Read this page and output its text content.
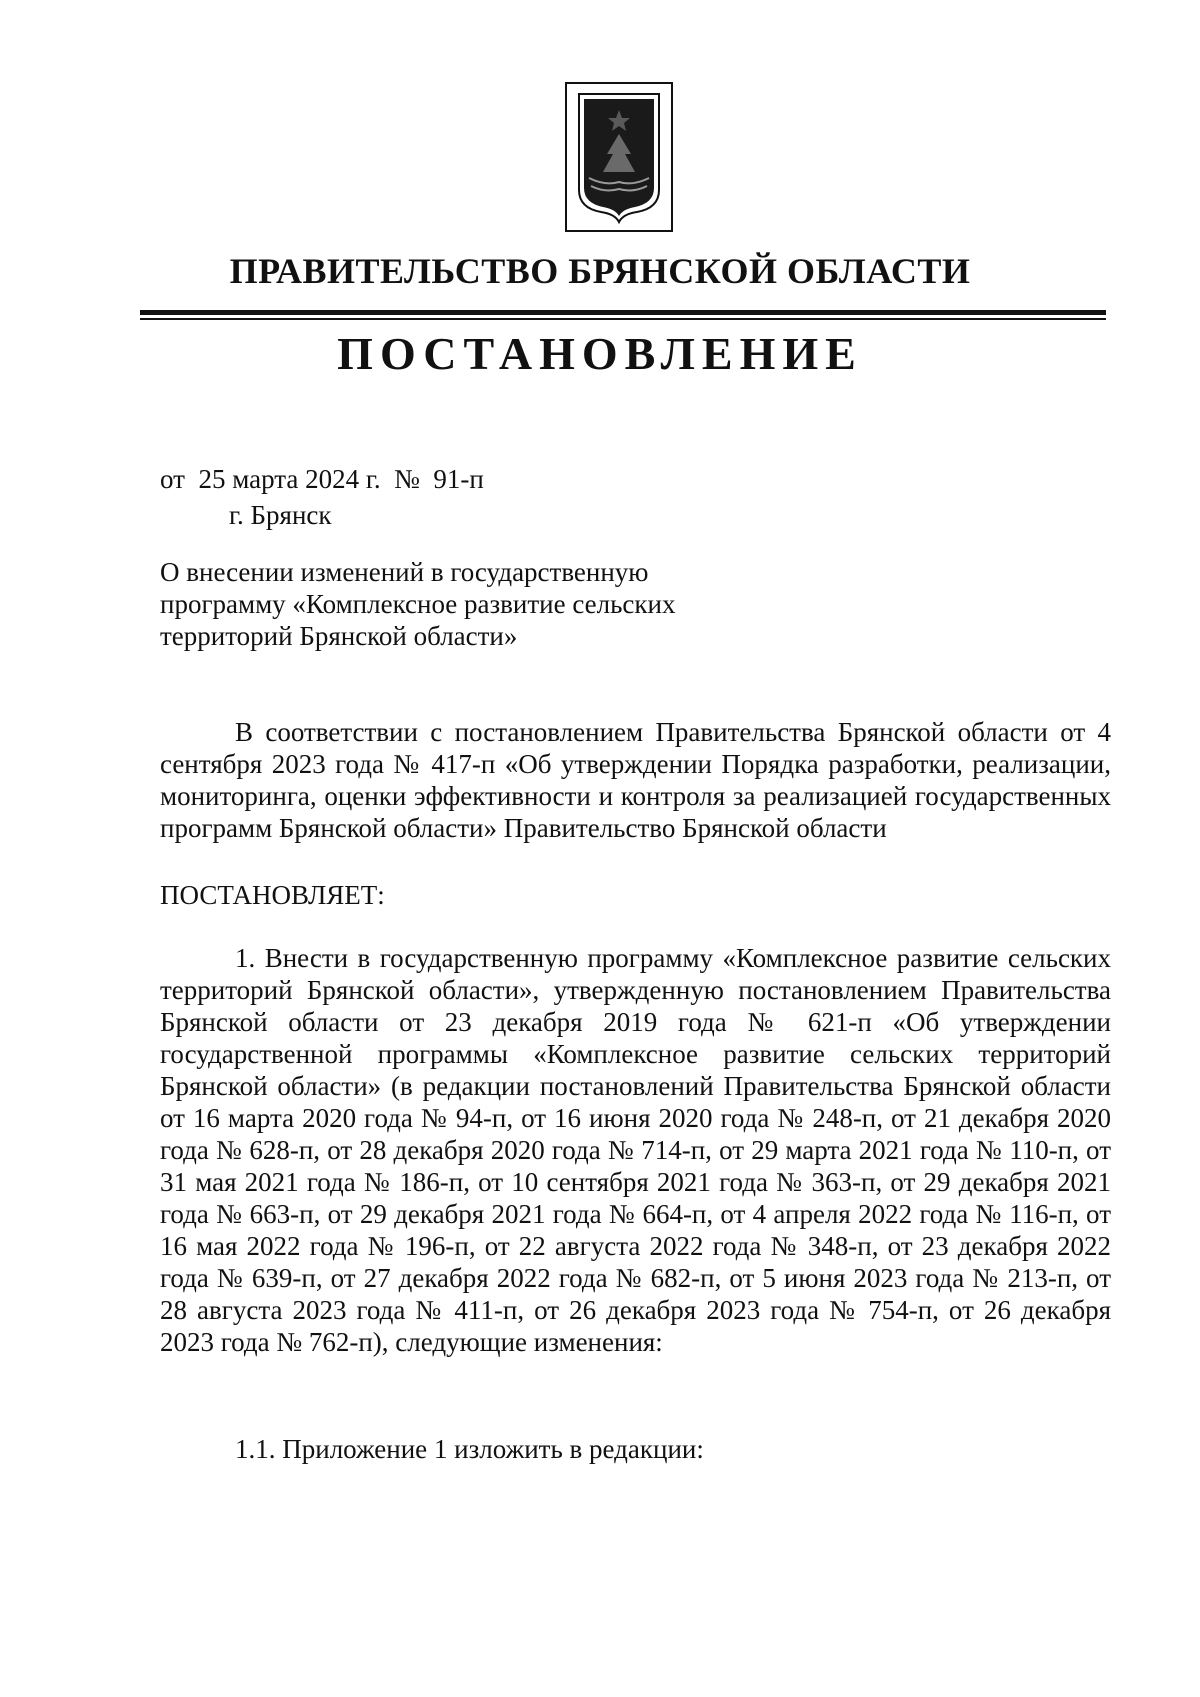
ПРАВИТЕЛЬСТВО БРЯНСКОЙ ОБЛАСТИ
ПОСТАНОВЛЕНИЕ
от  25 марта 2024 г.  №  91-п
г. Брянск
О внесении изменений в государственную программу «Комплексное развитие сельских территорий Брянской области»
В соответствии с постановлением Правительства Брянской области от 4 сентября 2023 года № 417-п «Об утверждении Порядка разработки, реализации, мониторинга, оценки эффективности и контроля за реализацией государственных программ Брянской области» Правительство Брянской области
ПОСТАНОВЛЯЕТ:
1. Внести в государственную программу «Комплексное развитие сельских территорий Брянской области», утвержденную постановлением Правительства Брянской области от 23 декабря 2019 года № 621-п «Об утверждении государственной программы «Комплексное развитие сельских территорий Брянской области» (в редакции постановлений Правительства Брянской области от 16 марта 2020 года № 94-п, от 16 июня 2020 года № 248-п, от 21 декабря 2020 года № 628-п, от 28 декабря 2020 года № 714-п, от 29 марта 2021 года № 110-п, от 31 мая 2021 года № 186-п, от 10 сентября 2021 года № 363-п, от 29 декабря 2021 года № 663-п, от 29 декабря 2021 года № 664-п, от 4 апреля 2022 года № 116-п, от 16 мая 2022 года № 196-п, от 22 августа 2022 года № 348-п, от 23 декабря 2022 года № 639-п, от 27 декабря 2022 года № 682-п, от 5 июня 2023 года № 213-п, от 28 августа 2023 года № 411-п, от 26 декабря 2023 года № 754-п, от 26 декабря 2023 года № 762-п), следующие изменения:
1.1. Приложение 1 изложить в редакции:
